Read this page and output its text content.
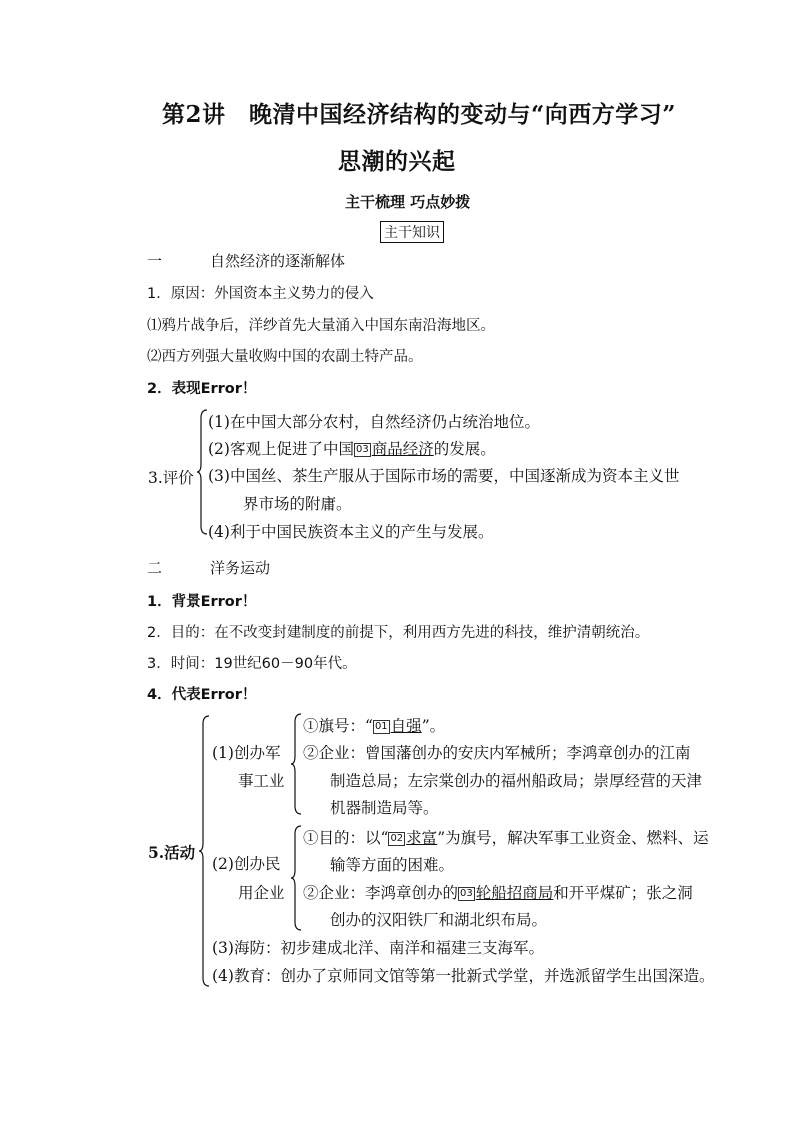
第2讲　晚清中国经济结构的变动与“向西方学习”
思潮的兴起
主干梳理 巧点妙拨
主干知识
一	自然经济的逐渐解体
1．原因：外国资本主义势力的侵入
⑴鸦片战争后，洋纱首先大量涌入中国东南沿海地区。
⑵西方列强大量收购中国的农副土特产品。
2．表现Error！
3.评价
(1)在中国大部分农村，自然经济仍占统治地位。
(2)客观上促进了中国 03 商品经济的发展。
(3)中国丝、茶生产服从于国际市场的需要，中国逐渐成为资本主义世
界市场的附庸。
(4)利于中国民族资本主义的产生与发展。
二	洋务运动
1．背景Error！
2．目的：在不改变封建制度的前提下，利用西方先进的科技，维护清朝统治。
3．时间：19世纪60－90年代。
4．代表Error！
5.活动
(1)创办军
事工业
①旗号：“ 01 自强”。
②企业：曾国藩创办的安庆内军械所；李鸿章创办的江南
制造总局；左宗棠创办的福州船政局；崇厚经营的天津
机器制造局等。
(2)创办民
用企业
①目的：以“ 02 求富”为旗号，解决军事工业资金、燃料、运
输等方面的困难。
②企业：李鸿章创办的 03 轮船招商局和开平煤矿；张之洞
创办的汉阳铁厂和湖北织布局。
(3)海防：初步建成北洋、南洋和福建三支海军。
(4)教育：创办了京师同文馆等第一批新式学堂，并选派留学生出国深造。
